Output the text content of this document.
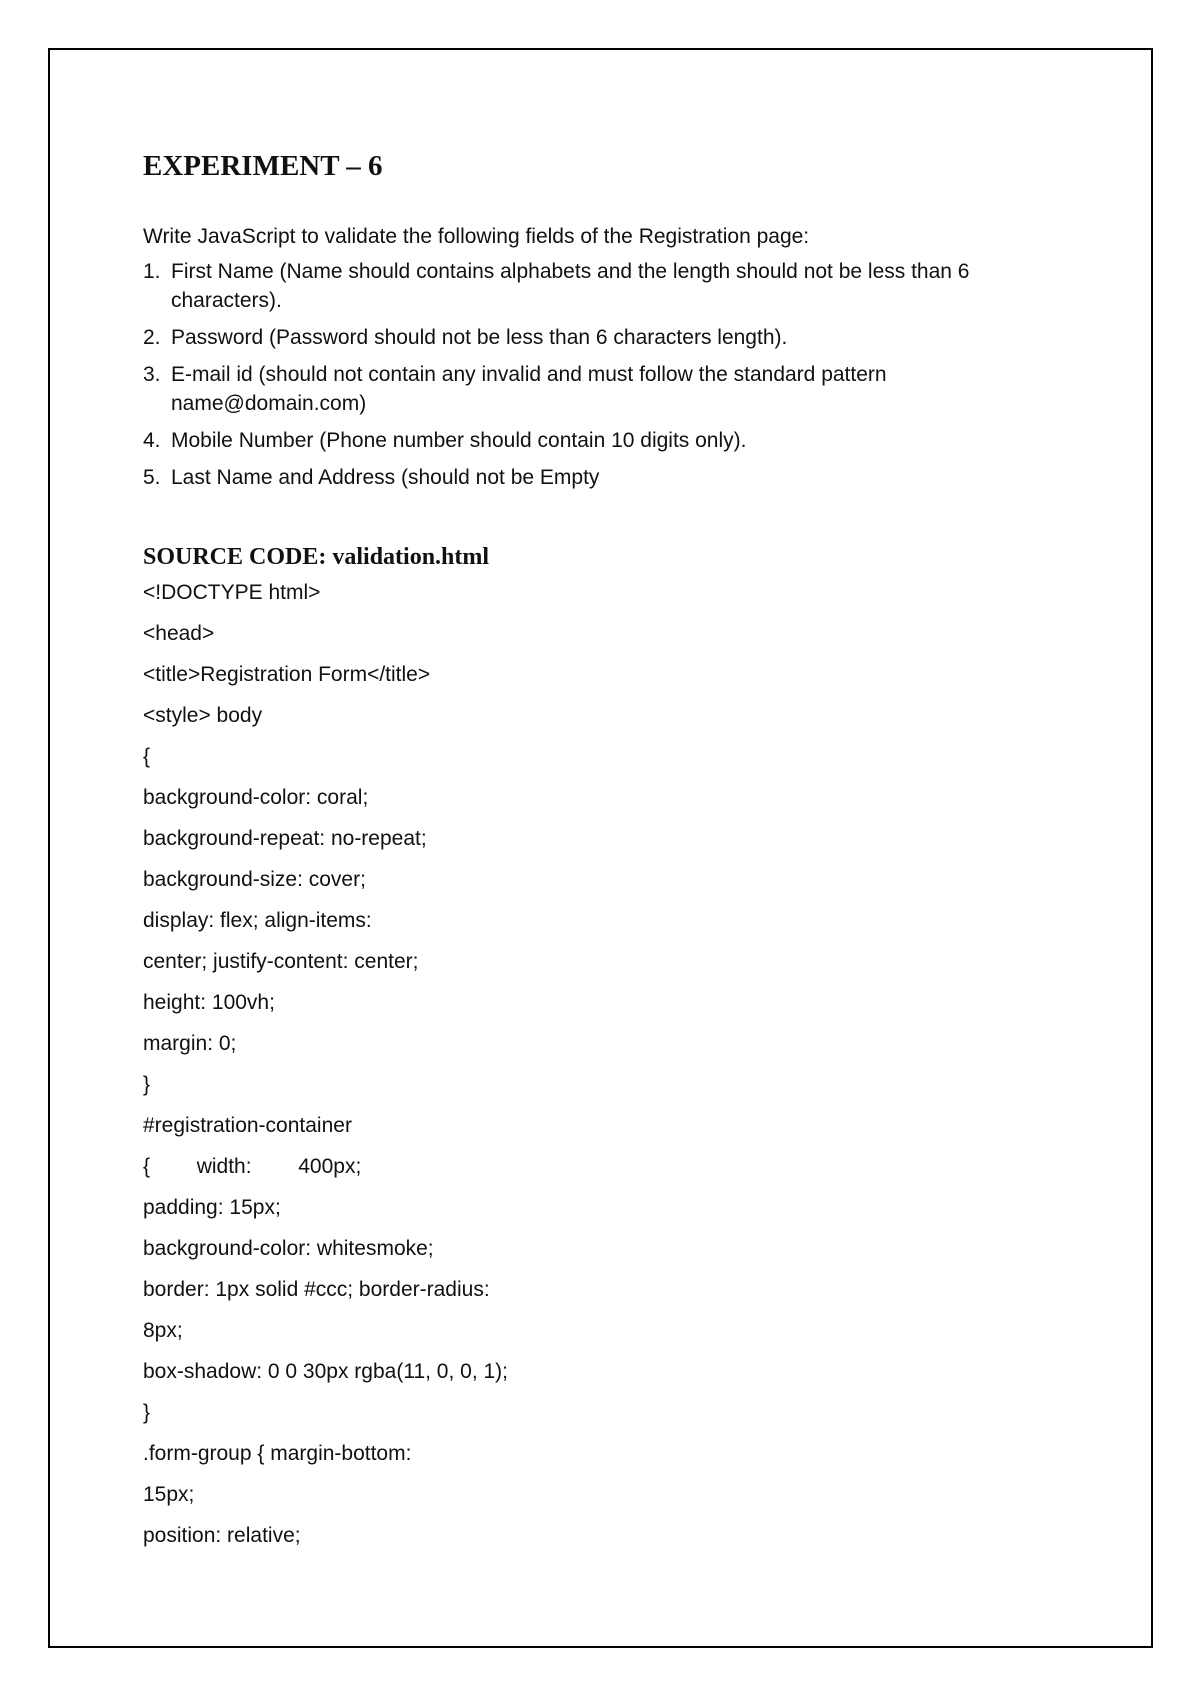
EXPERIMENT – 6

Write JavaScript to validate the following fields of the Registration page:

1. First Name (Name should contains alphabets and the length should not be less than 6 characters).
2. Password (Password should not be less than 6 characters length).
3. E-mail id (should not contain any invalid and must follow the standard pattern name@domain.com)
4. Mobile Number (Phone number should contain 10 digits only).
5. Last Name and Address (should not be Empty
SOURCE CODE: validation.html
<!DOCTYPE html>
<head>
<title>Registration Form</title>
<style> body
{
background-color: coral;
background-repeat: no-repeat;
background-size: cover;
display: flex; align-items:
center; justify-content: center;
height: 100vh;
margin: 0;
}
#registration-container
{        width:        400px;
padding: 15px;
background-color: whitesmoke;
border: 1px solid #ccc; border-radius:
8px;
box-shadow: 0 0 30px rgba(11, 0, 0, 1);
}
.form-group { margin-bottom:
15px;
position: relative;
